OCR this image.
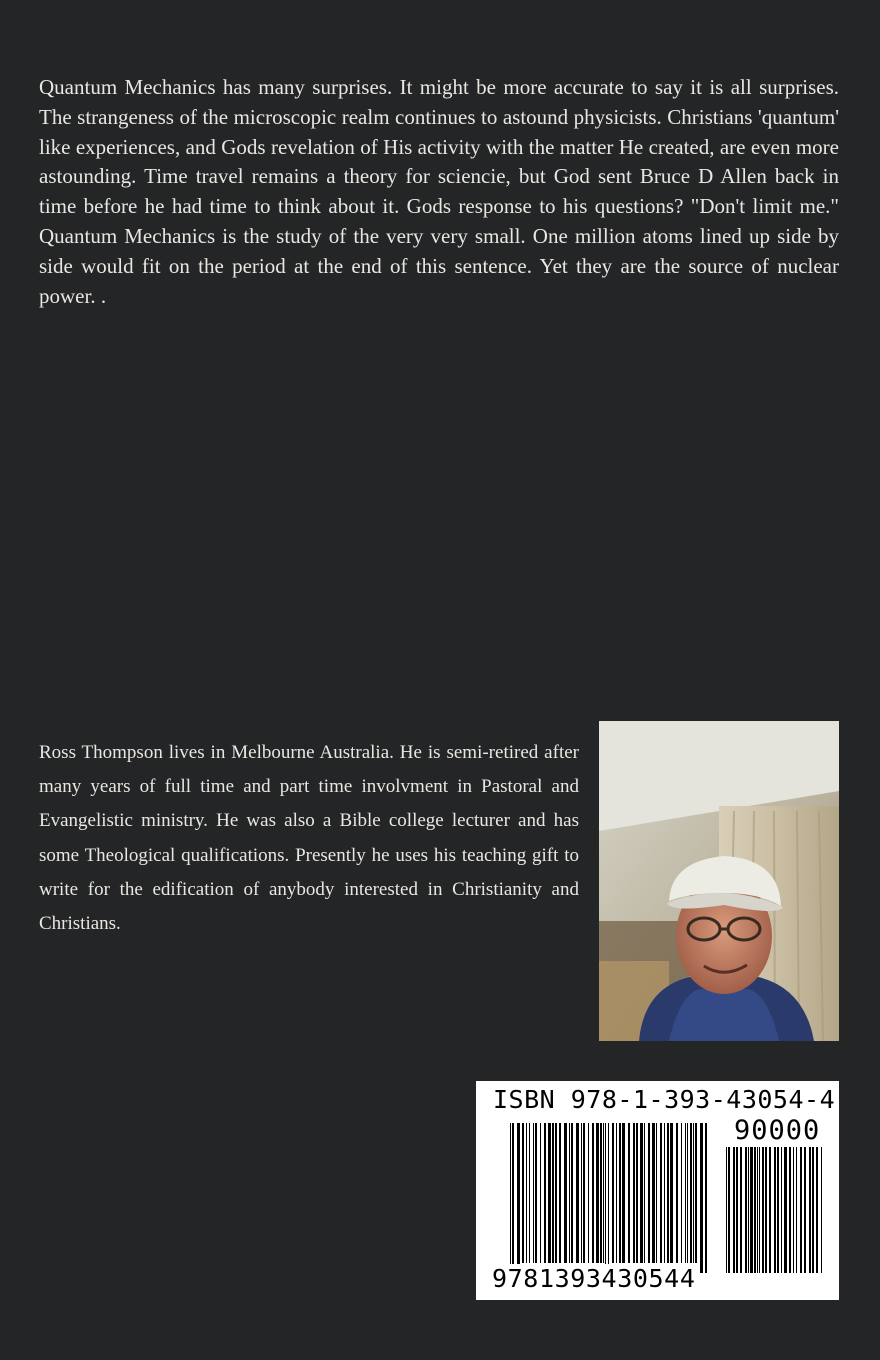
Quantum Mechanics has many surprises. It might be more accurate to say it is all surprises. The strangeness of the microscopic realm continues to astound physicists. Christians 'quantum' like experiences, and Gods revelation of His activity with the matter He created, are even more astounding. Time travel remains a theory for sciencie, but God sent Bruce D Allen back in time before he had time to think about it. Gods response to his questions? "Don't limit me." Quantum Mechanics is the study of the very very small. One million atoms lined up side by side would fit on the period at the end of this sentence. Yet they are the source of nuclear power. .

Ross Thompson lives in Melbourne Australia. He is semi-retired after many years of full time and part time involvment in Pastoral and Evangelistic ministry. He was also a Bible college lecturer and has some Theological qualifications. Presently he uses his teaching gift to write for the edification of anybody interested in Christianity and Christians.

ISBN 978-1-393-43054-4
90000
9781393430544
